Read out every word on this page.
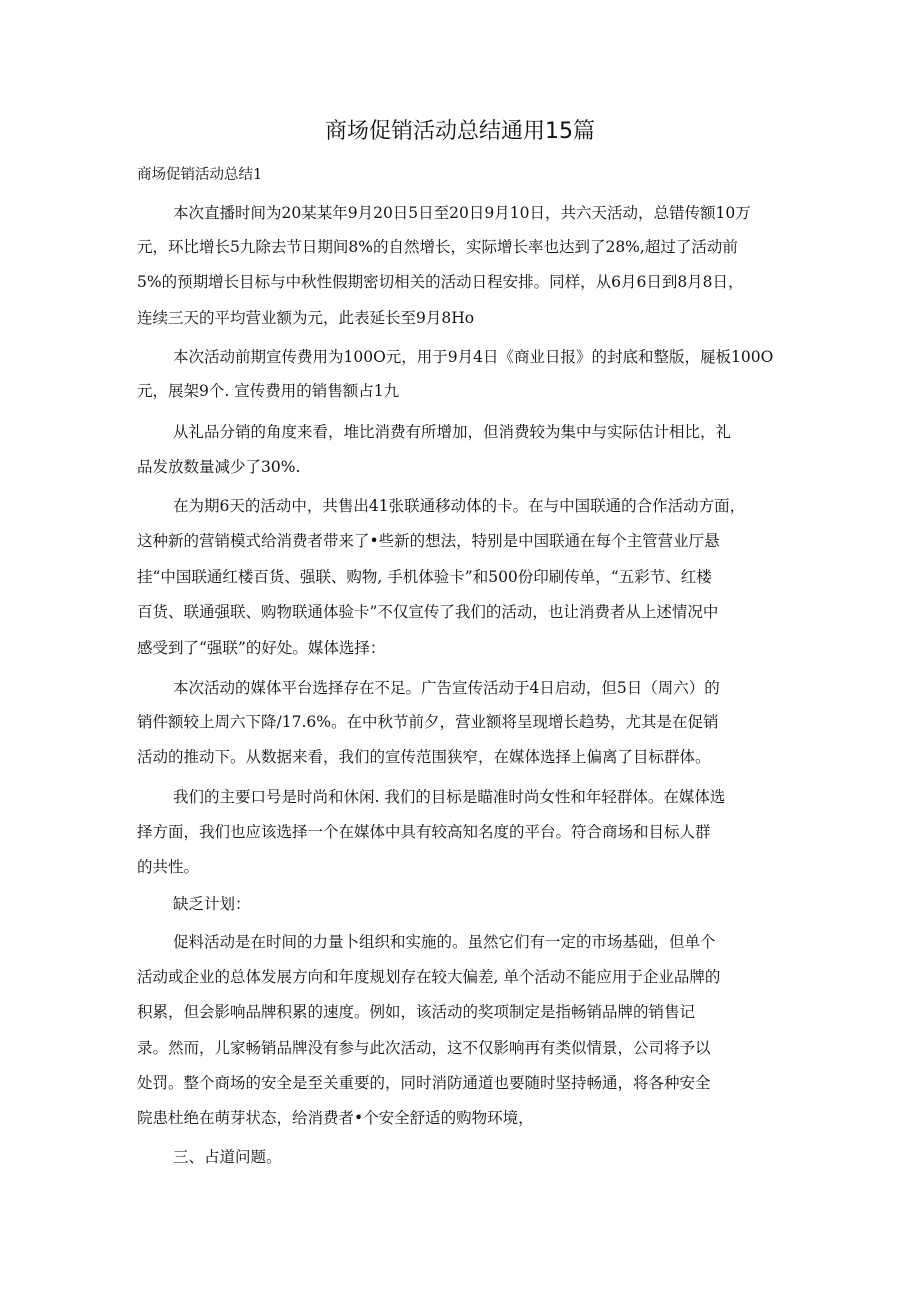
商场促销活动总结通用15篇
商场促销活动总结1
本次直播时间为20某某年9月20日5日至20日9月10日，共六天活动，总错传额10万
元，环比增长5九除去节日期间8%的自然增长，实际增长率也达到了28%,超过了活动前
5%的预期增长目标与中秋性假期密切相关的活动日程安排。同样，从6月6日到8月8日，
连续三天的平均营业额为元，此表延长至9月8Ho
本次活动前期宣传费用为100O元，用于9月4日《商业日报》的封底和整版，屣板100O
元，展架9个. 宣传费用的销售额占1九
从礼品分销的角度来看，堆比消费有所增加，但消费较为集中与实际估计相比，礼
品发放数量减少了30%.
在为期6天的活动中，共售出41张联通移动体的卡。在与中国联通的合作活动方面，
这种新的营销模式给消费者带来了•些新的想法，特别是中国联通在每个主管营业厅悬
挂“中国联通红楼百货、强联、购物, 手机体验卡”和500份印刷传单，“五彩节、红楼
百货、联通强联、购物联通体验卡”不仅宣传了我们的活动，也让消费者从上述情况中
感受到了“强联”的好处。媒体选择：
本次活动的媒体平台选择存在不足。广告宣传活动于4日启动，但5日（周六）的
销件额较上周六下降/17.6%。在中秋节前夕，营业额将呈现增长趋势，尤其是在促销
活动的推动下。从数据来看，我们的宣传范围狭窄，在媒体选择上偏离了目标群体。
我们的主要口号是时尚和休闲. 我们的目标是瞄准时尚女性和年轻群体。在媒体选
择方面，我们也应该选择一个在媒体中具有较高知名度的平台。符合商场和目标人群
的共性。
缺乏计划：
促料活动是在时间的力量卜组织和实施的。虽然它们有一定的市场基础，但单个
活动或企业的总体发展方向和年度规划存在较大偏差, 单个活动不能应用于企业品牌的
积累，但会影响品牌积累的速度。例如，该活动的奖项制定是指畅销品牌的销售记
录。然而，儿家畅销品牌没有参与此次活动，这不仅影响再有类似情景，公司将予以
处罚。整个商场的安全是至关重要的，同时消防通道也要随时坚持畅通，将各种安全
院患杜绝在萌芽状态，给消费者•个安全舒适的购物环境，
三、占道问题。
